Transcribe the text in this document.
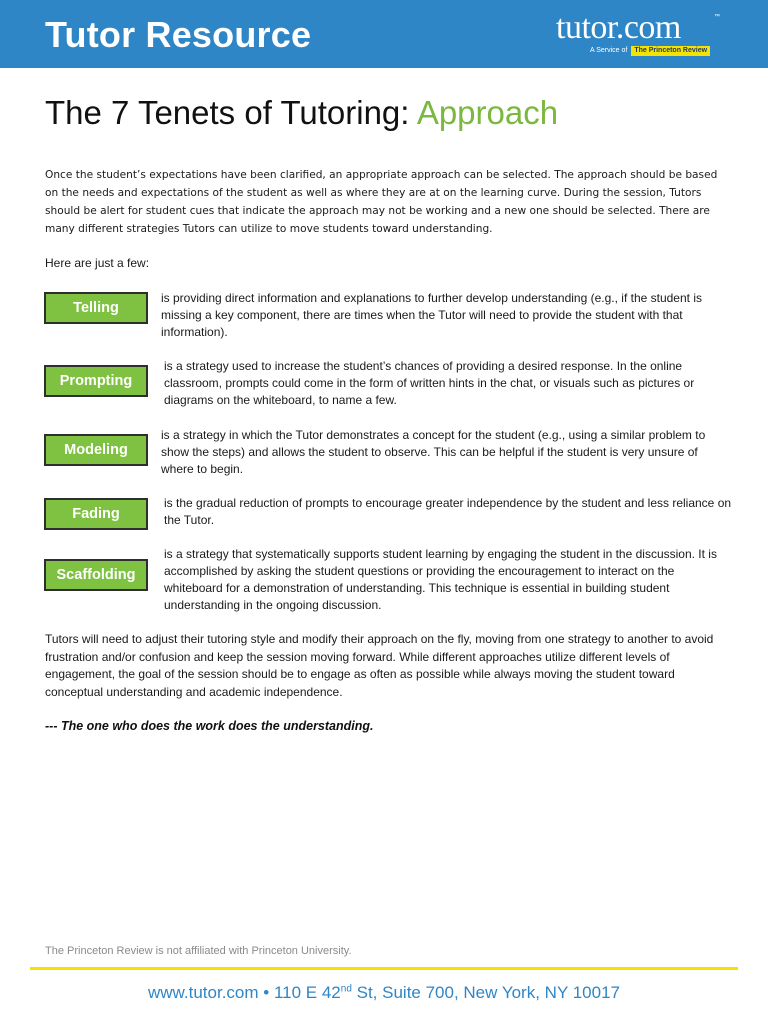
Tutor Resource	tutor.com	™
A Service of The Princeton Review
The 7 Tenets of Tutoring: Approach
Once the student’s expectations have been clarified, an appropriate approach can be selected. The approach should be based on the needs and expectations of the student as well as where they are at on the learning curve. During the session, Tutors should be alert for student cues that indicate the approach may not be working and a new one should be selected. There are many different strategies Tutors can utilize to move students toward understanding.
Here are just a few:
Telling
is providing direct information and explanations to further develop understanding (e.g., if the student is missing a key component, there are times when the Tutor will need to provide the student with that information).
Prompting
is a strategy used to increase the student’s chances of providing a desired response. In the online classroom, prompts could come in the form of written hints in the chat, or visuals such as pictures or diagrams on the whiteboard, to name a few.
Modeling
is a strategy in which the Tutor demonstrates a concept for the student (e.g., using a similar problem to show the steps) and allows the student to observe. This can be helpful if the student is very unsure of where to begin.
Fading
is the gradual reduction of prompts to encourage greater independence by the student and less reliance on the Tutor.
Scaffolding
is a strategy that systematically supports student learning by engaging the student in the discussion. It is accomplished by asking the student questions or providing the encouragement to interact on the whiteboard for a demonstration of understanding. This technique is essential in building student understanding in the ongoing discussion.
Tutors will need to adjust their tutoring style and modify their approach on the fly, moving from one strategy to another to avoid frustration and/or confusion and keep the session moving forward. While different approaches utilize different levels of engagement, the goal of the session should be to engage as often as possible while always moving the student toward conceptual understanding and academic independence.
--- The one who does the work does the understanding.
The Princeton Review is not affiliated with Princeton University.
www.tutor.com • 110 E 42nd St, Suite 700, New York, NY 10017
